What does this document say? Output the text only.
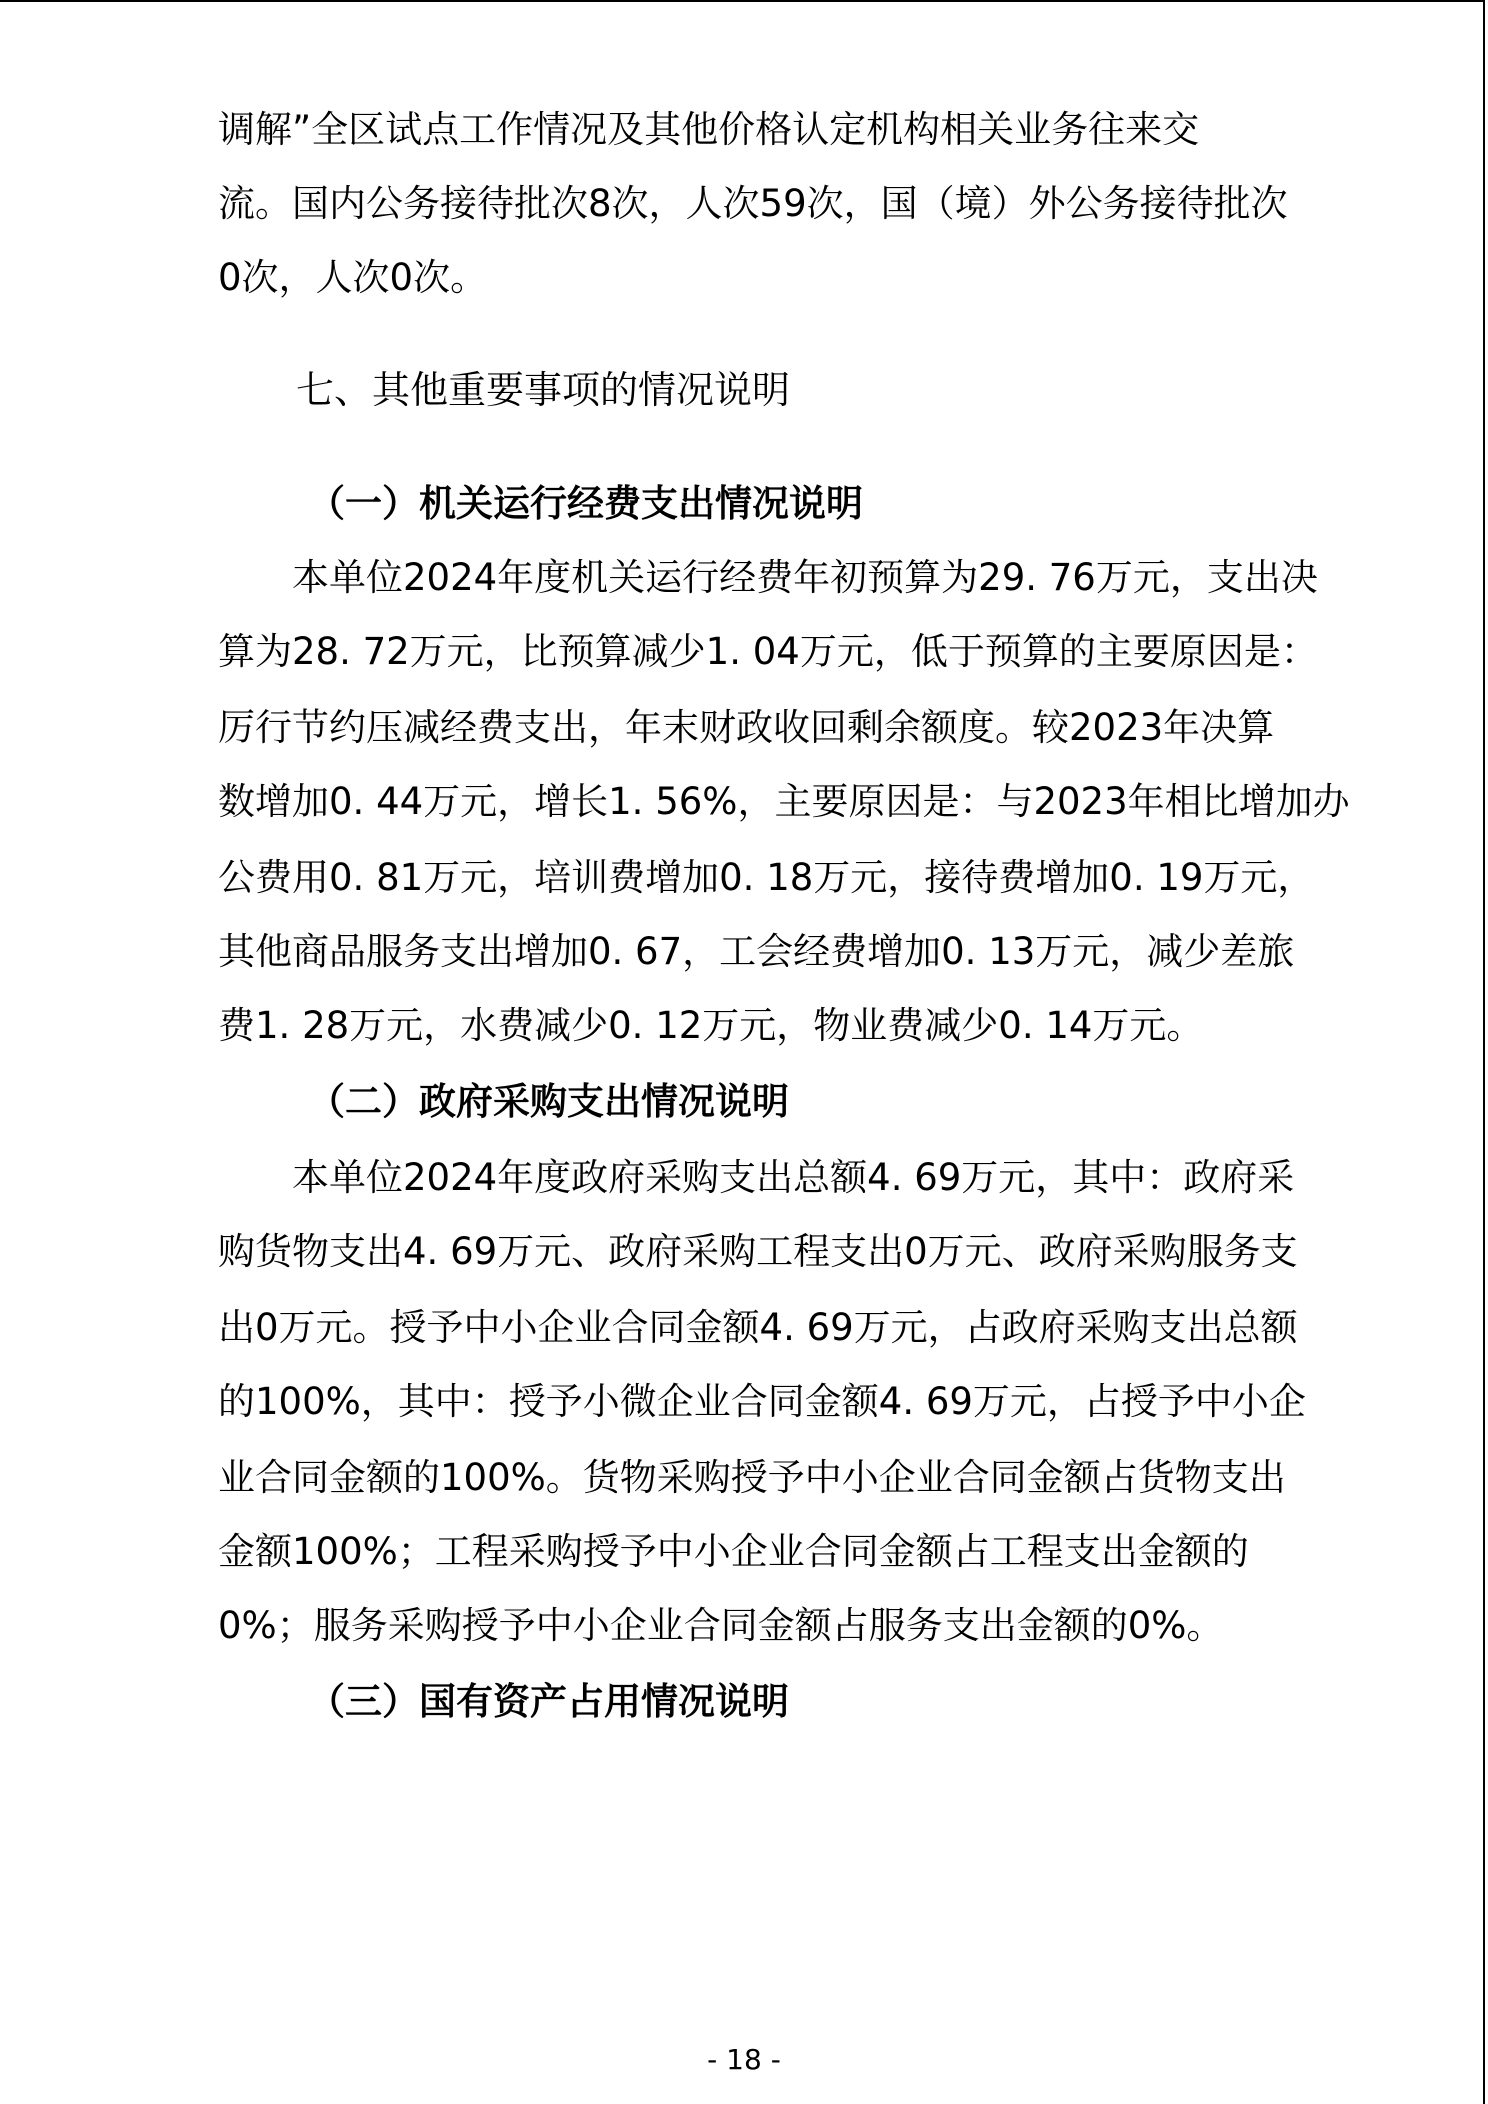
调解”全区试点工作情况及其他价格认定机构相关业务往来交
流。国内公务接待批次8次，人次59次，国（境）外公务接待批次
0次，人次0次。
七、其他重要事项的情况说明
（一）机关运行经费支出情况说明
本单位2024年度机关运行经费年初预算为29. 76万元，支出决
算为28. 72万元，比预算减少1. 04万元，低于预算的主要原因是：
厉行节约压减经费支出，年末财政收回剩余额度。较2023年决算
数增加0. 44万元，增长1. 56%，主要原因是：与2023年相比增加办
公费用0. 81万元，培训费增加0. 18万元，接待费增加0. 19万元，
其他商品服务支出增加0. 67，工会经费增加0. 13万元，减少差旅
费1. 28万元，水费减少0. 12万元，物业费减少0. 14万元。
（二）政府采购支出情况说明
本单位2024年度政府采购支出总额4. 69万元，其中：政府采
购货物支出4. 69万元、政府采购工程支出0万元、政府采购服务支
出0万元。授予中小企业合同金额4. 69万元，占政府采购支出总额
的100%，其中：授予小微企业合同金额4. 69万元，占授予中小企
业合同金额的100%。货物采购授予中小企业合同金额占货物支出
金额100%；工程采购授予中小企业合同金额占工程支出金额的
0%；服务采购授予中小企业合同金额占服务支出金额的0%。
（三）国有资产占用情况说明
- 18 -
